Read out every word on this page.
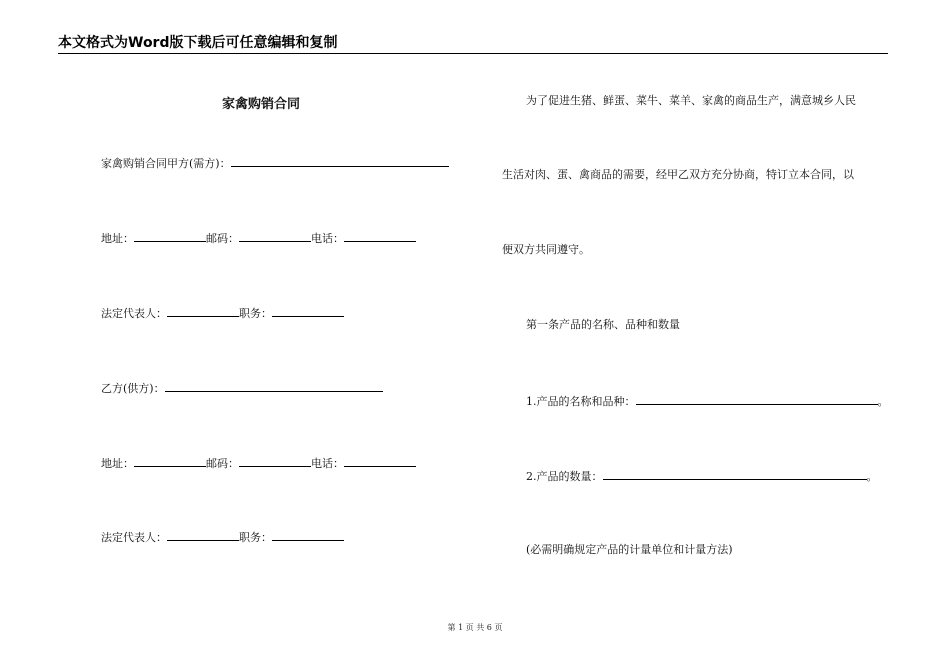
本文格式为Word版下载后可任意编辑和复制
家禽购销合同
家禽购销合同甲方(需方)：
地址：	邮码：	电话：
法定代表人：	职务：
乙方(供方)：
地址：	邮码：	电话：
法定代表人：	职务：
为了促进生猪、鲜蛋、菜牛、菜羊、家禽的商品生产，满意城乡人民
生活对肉、蛋、禽商品的需要，经甲乙双方充分协商，特订立本合同，以
便双方共同遵守。
第一条产品的名称、品种和数量
1.产品的名称和品种：	。
2.产品的数量：	。
(必需明确规定产品的计量单位和计量方法)
第 1 页 共 6 页
